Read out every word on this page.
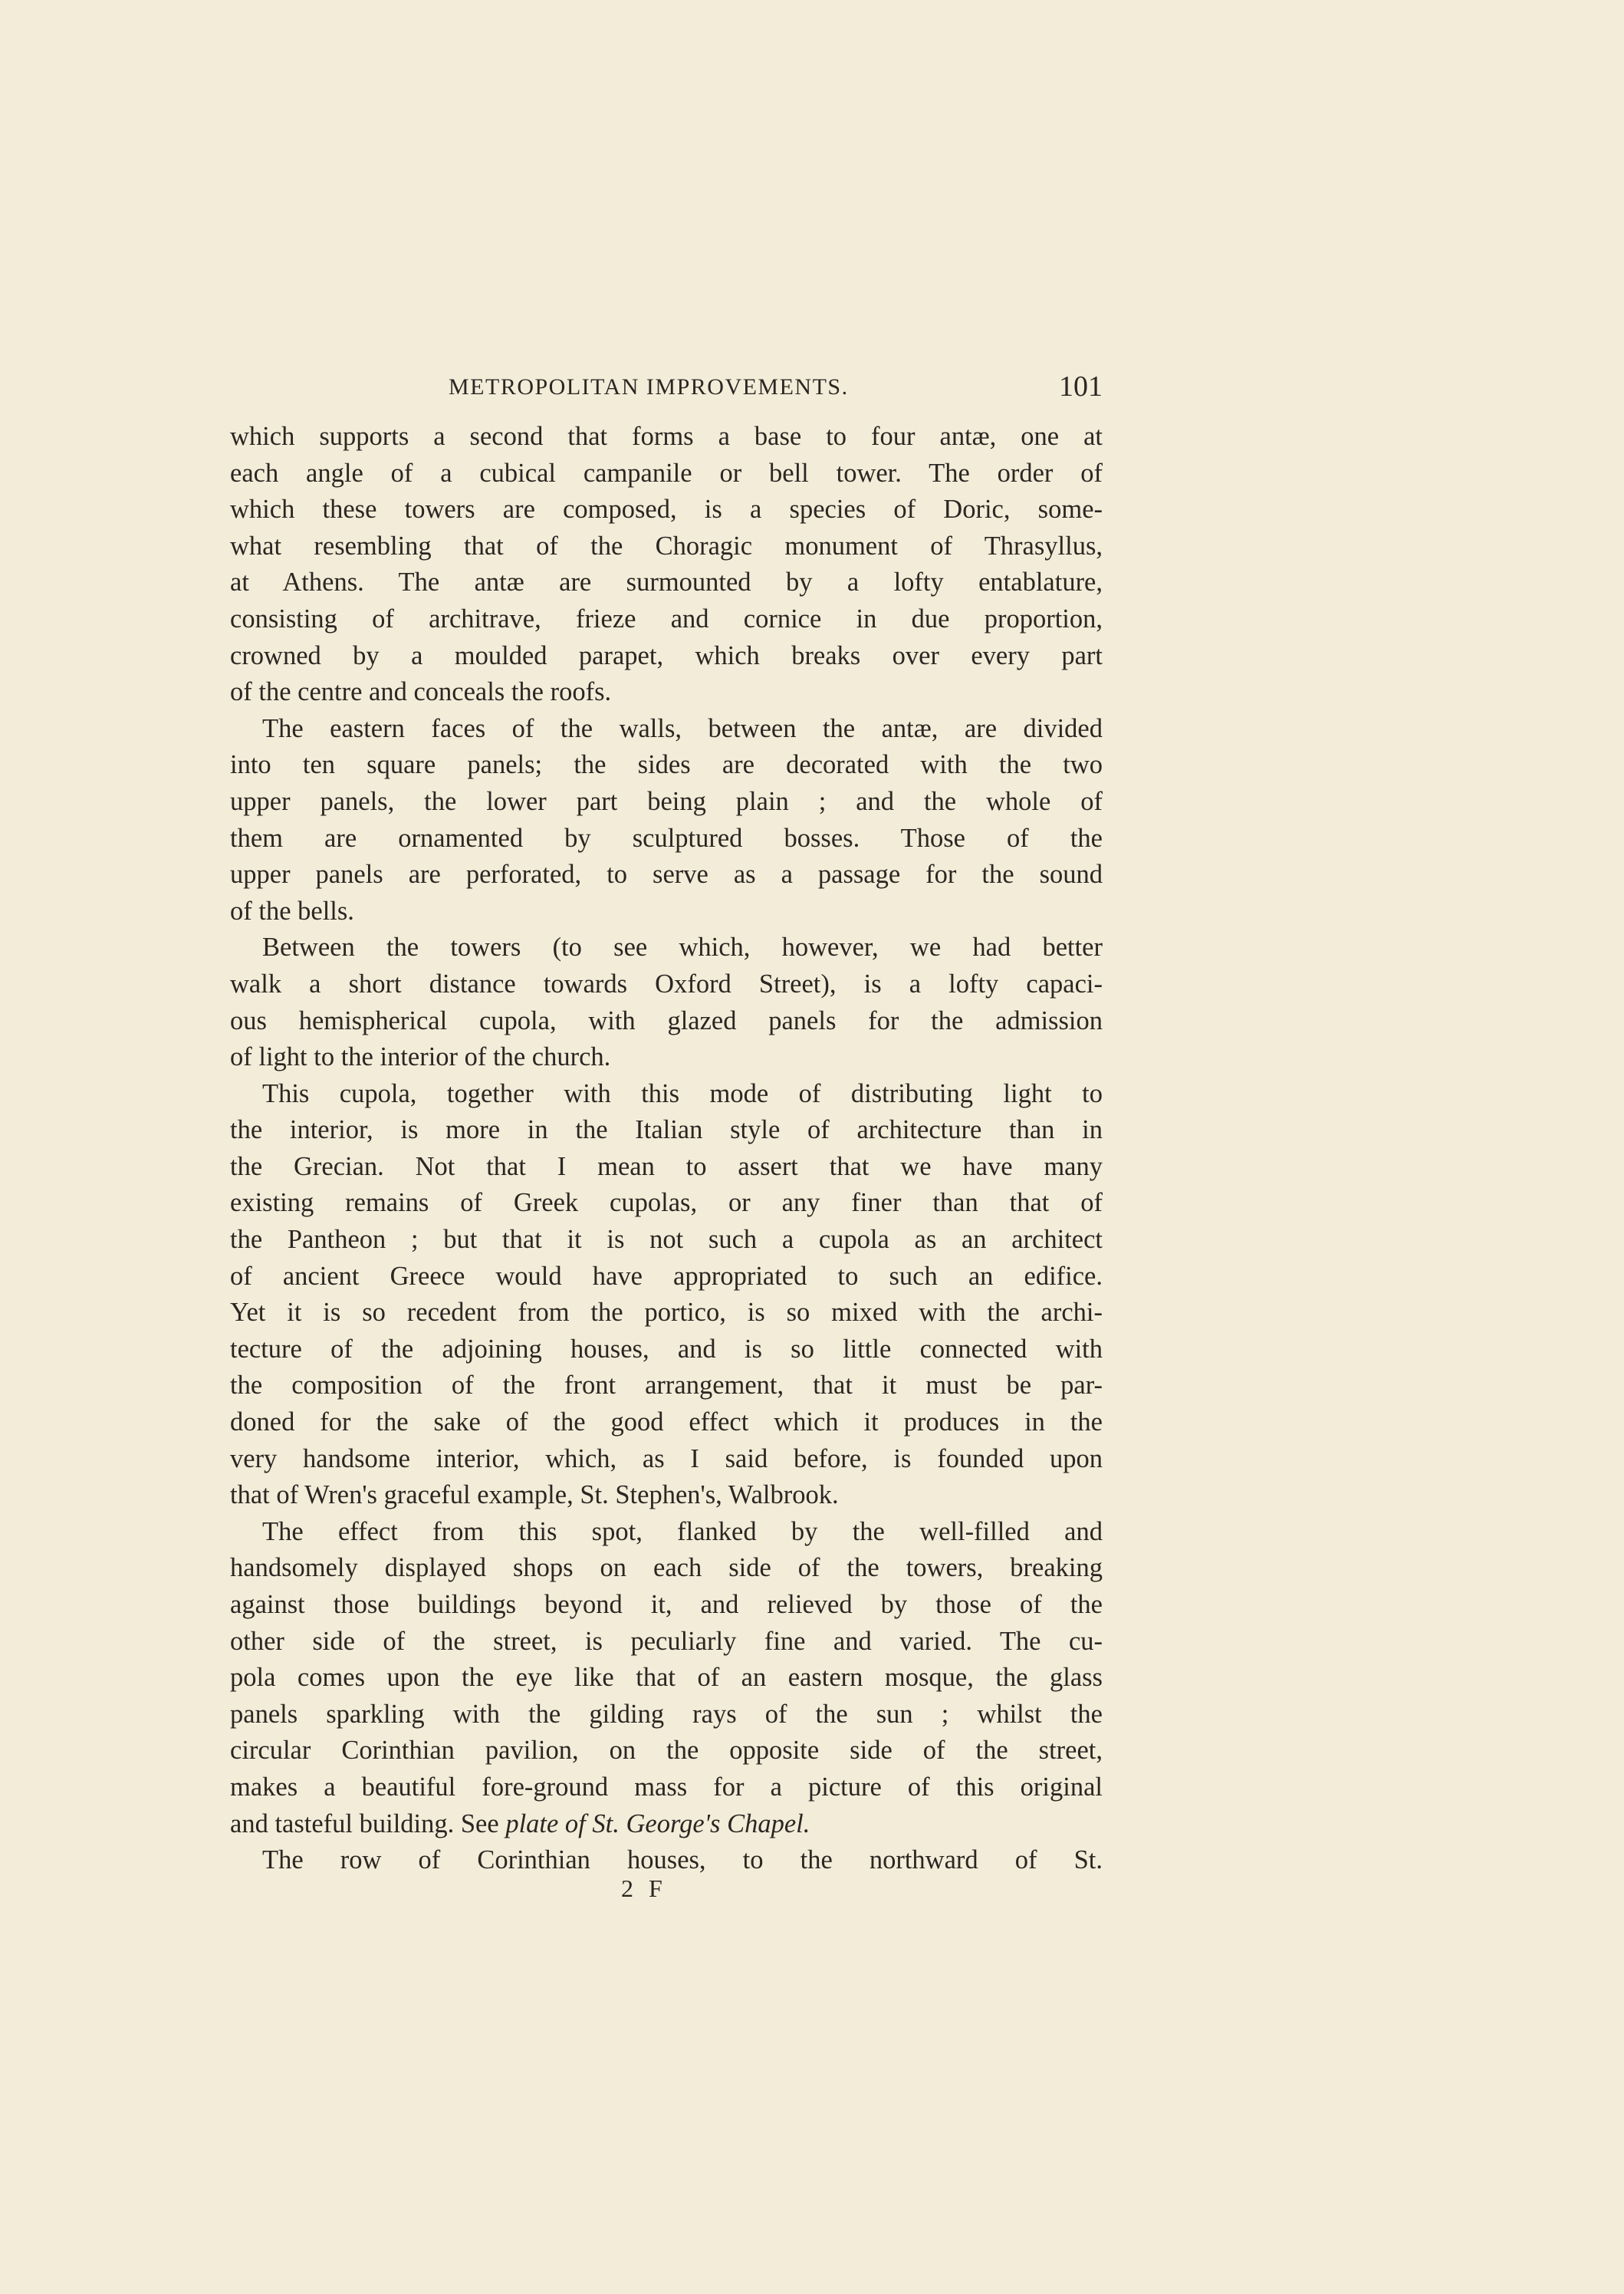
METROPOLITAN IMPROVEMENTS.	101
which supports a second that forms a base to four antæ, one at
each angle of a cubical campanile or bell tower. The order of
which these towers are composed, is a species of Doric, some-
what resembling that of the Choragic monument of Thrasyllus,
at Athens. The antæ are surmounted by a lofty entablature,
consisting of architrave, frieze and cornice in due proportion,
crowned by a moulded parapet, which breaks over every part
of the centre and conceals the roofs.
The eastern faces of the walls, between the antæ, are divided
into ten square panels; the sides are decorated with the two
upper panels, the lower part being plain ; and the whole of
them are ornamented by sculptured bosses. Those of the
upper panels are perforated, to serve as a passage for the sound
of the bells.
Between the towers (to see which, however, we had better
walk a short distance towards Oxford Street), is a lofty capaci-
ous hemispherical cupola, with glazed panels for the admission
of light to the interior of the church.
This cupola, together with this mode of distributing light to
the interior, is more in the Italian style of architecture than in
the Grecian. Not that I mean to assert that we have many
existing remains of Greek cupolas, or any finer than that of
the Pantheon ; but that it is not such a cupola as an architect
of ancient Greece would have appropriated to such an edifice.
Yet it is so recedent from the portico, is so mixed with the archi-
tecture of the adjoining houses, and is so little connected with
the composition of the front arrangement, that it must be par-
doned for the sake of the good effect which it produces in the
very handsome interior, which, as I said before, is founded upon
that of Wren's graceful example, St. Stephen's, Walbrook.
The effect from this spot, flanked by the well-filled and
handsomely displayed shops on each side of the towers, breaking
against those buildings beyond it, and relieved by those of the
other side of the street, is peculiarly fine and varied. The cu-
pola comes upon the eye like that of an eastern mosque, the glass
panels sparkling with the gilding rays of the sun ; whilst the
circular Corinthian pavilion, on the opposite side of the street,
makes a beautiful fore-ground mass for a picture of this original
and tasteful building. See plate of St. George's Chapel.
The row of Corinthian houses, to the northward of St.
2 F
